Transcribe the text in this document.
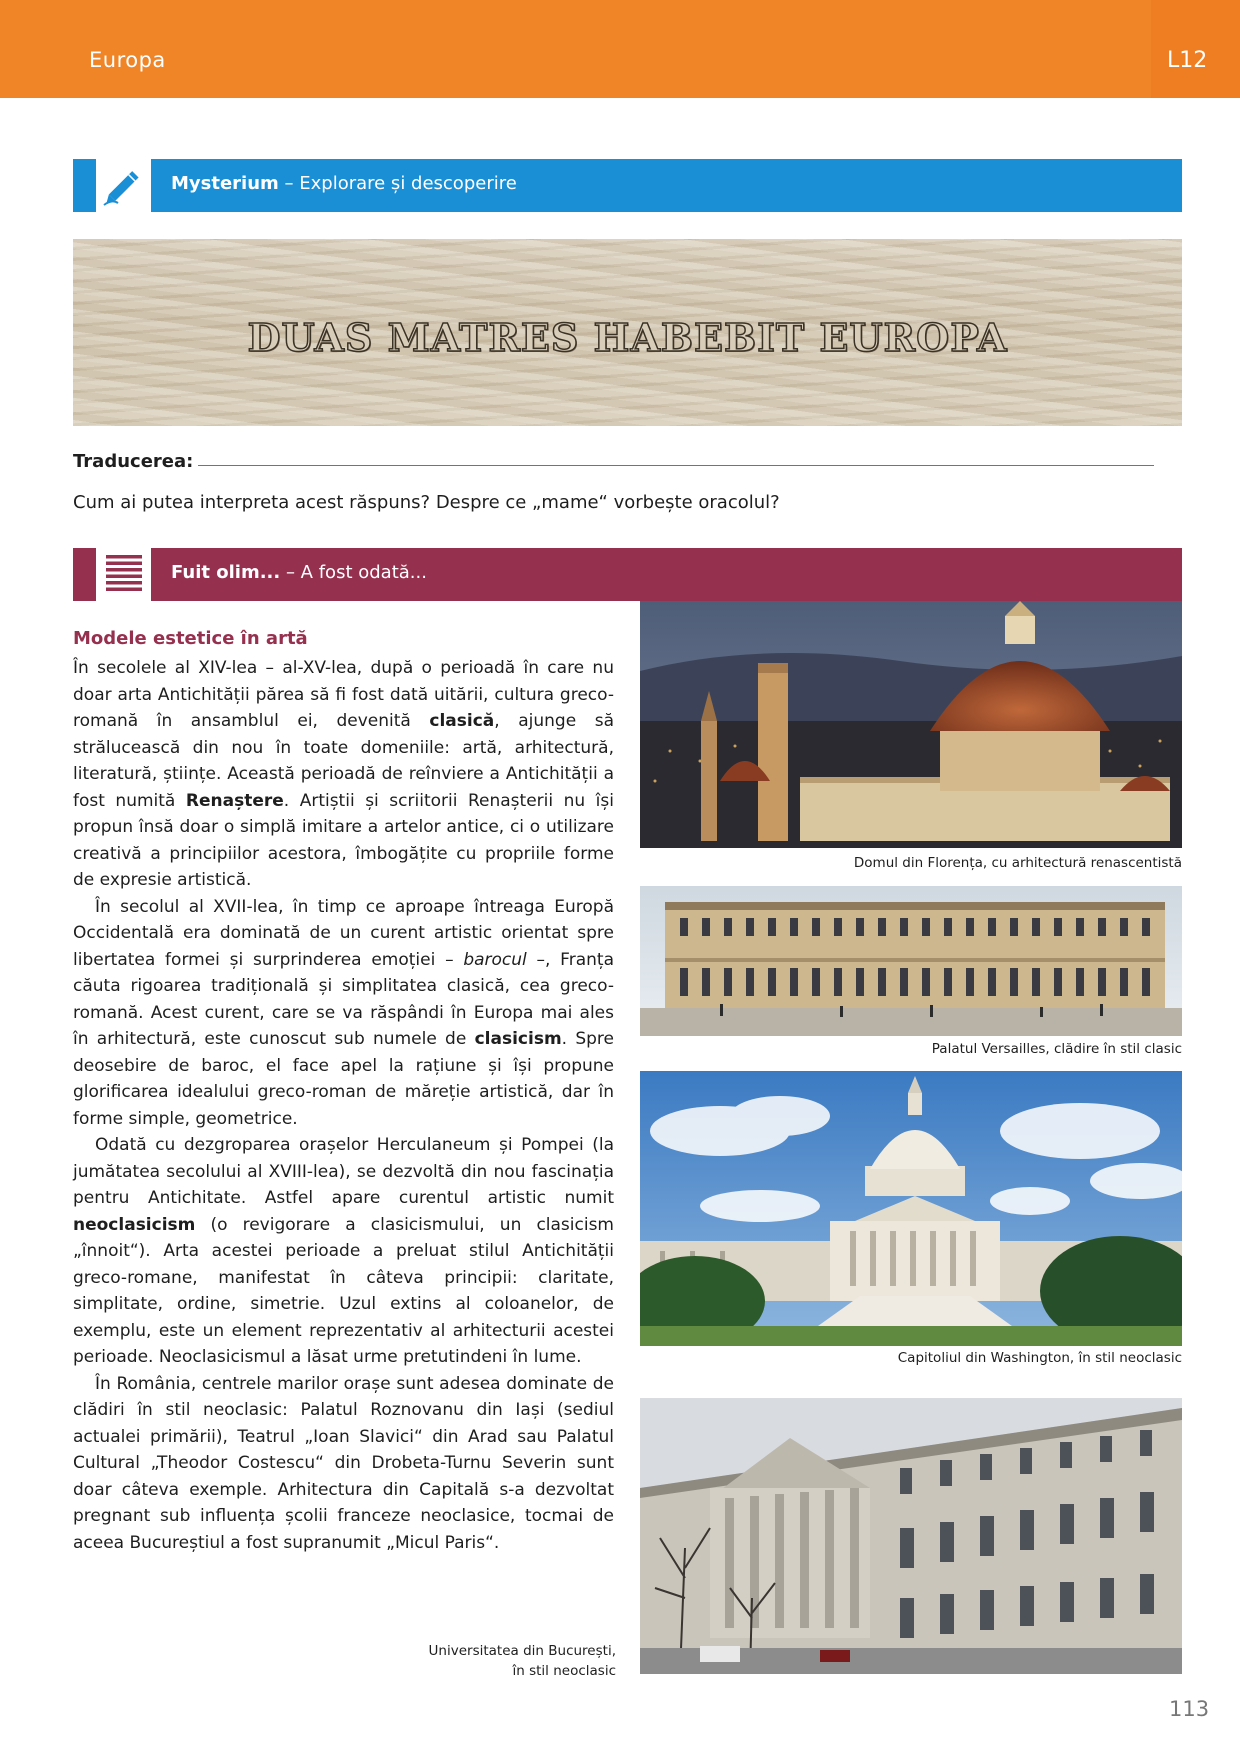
Europa	L12
Mysterium – Explorare și descoperire
DUAS MATRES HABEBIT EUROPA
Traducerea:
Cum ai putea interpreta acest răspuns? Despre ce „mame“ vorbește oracolul?
Fuit olim... – A fost odată...
Modele estetice în artă

În secolele al XIV-lea – al-XV-lea, după o perioadă în care nu doar arta Antichității părea să fi fost dată uitării, cultura greco-romană în ansamblul ei, devenită clasică, ajunge să strălucească din nou în toate domeniile: artă, arhitectură, literatură, științe. Această perioadă de reînviere a Antichității a fost numită Renaștere. Artiștii și scriitorii Renașterii nu își propun însă doar o simplă imitare a artelor antice, ci o utilizare creativă a principiilor acestora, îmbogățite cu propriile forme de expresie artistică.

În secolul al XVII-lea, în timp ce aproape întreaga Europă Occidentală era dominată de un curent artistic orientat spre libertatea formei și surprinderea emoției – barocul –, Franța căuta rigoarea tradițională și simplitatea clasică, cea greco-romană. Acest curent, care se va răspândi în Europa mai ales în arhitectură, este cunoscut sub numele de clasicism. Spre deosebire de baroc, el face apel la rațiune și își propune glorificarea idealului greco-roman de măreție artistică, dar în forme simple, geometrice.

Odată cu dezgroparea orașelor Herculaneum și Pompei (la jumătatea secolului al XVIII-lea), se dezvoltă din nou fascinația pentru Antichitate. Astfel apare curentul artistic numit neoclasicism (o revigorare a clasicismului, un clasicism „înnoit“). Arta acestei perioade a preluat stilul Antichității greco-romane, manifestat în câteva principii: claritate, simplitate, ordine, simetrie. Uzul extins al coloanelor, de exemplu, este un element reprezentativ al arhitecturii acestei perioade. Neoclasicismul a lăsat urme pretutindeni în lume.

În România, centrele marilor orașe sunt adesea dominate de clădiri în stil neoclasic: Palatul Roznovanu din Iași (sediul actualei primării), Teatrul „Ioan Slavici“ din Arad sau Palatul Cultural „Theodor Costescu“ din Drobeta-Turnu Severin sunt doar câteva exemple. Arhitectura din Capitală s-a dezvoltat pregnant sub influența școlii franceze neoclasice, tocmai de aceea Bucureștiul a fost supranumit „Micul Paris“.

Domul din Florența, cu arhitectură renascentistă
Palatul Versailles, clădire în stil clasic
Capitoliul din Washington, în stil neoclasic
Universitatea din București,
în stil neoclasic
113
